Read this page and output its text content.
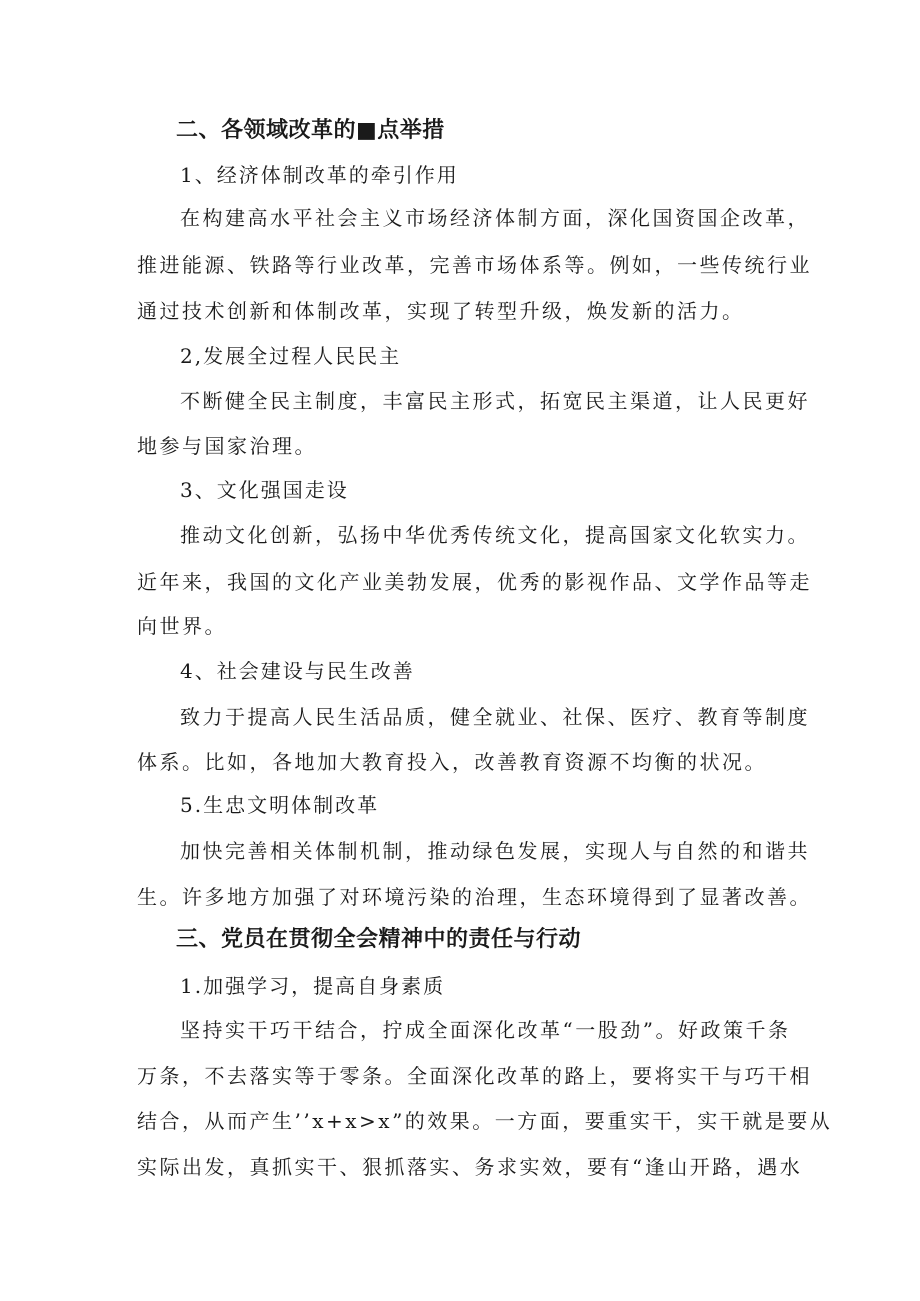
二、各领域改革的■点举措
1、经济体制改革的牵引作用
在构建高水平社会主义市场经济体制方面，深化国资国企改革，
推进能源、铁路等行业改革，完善市场体系等。例如，一些传统行业
通过技术创新和体制改革，实现了转型升级，焕发新的活力。
2,发展全过程人民民主
不断健全民主制度，丰富民主形式，拓宽民主渠道，让人民更好
地参与国家治理。
3、文化强国走设
推动文化创新，弘扬中华优秀传统文化，提高国家文化软实力。
近年来，我国的文化产业美勃发展，优秀的影视作品、文学作品等走
向世界。
4、社会建设与民生改善
致力于提高人民生活品质，健全就业、社保、医疗、教育等制度
体系。比如，各地加大教育投入，改善教育资源不均衡的状况。
5.生忠文明体制改革
加快完善相关体制机制，推动绿色发展，实现人与自然的和谐共
生。许多地方加强了对环境污染的治理，生态环境得到了显著改善。
三、党员在贯彻全会精神中的责任与行动
1.加强学习，提高自身素质
坚持实干巧干结合，拧成全面深化改革“一股劲”。好政策千条
万条，不去落实等于零条。全面深化改革的路上，要将实干与巧干相
结合，从而产生’’x+x>x”的效果。一方面，要重实干，实干就是要从
实际出发，真抓实干、狠抓落实、务求实效，要有“逢山开路，遇水
